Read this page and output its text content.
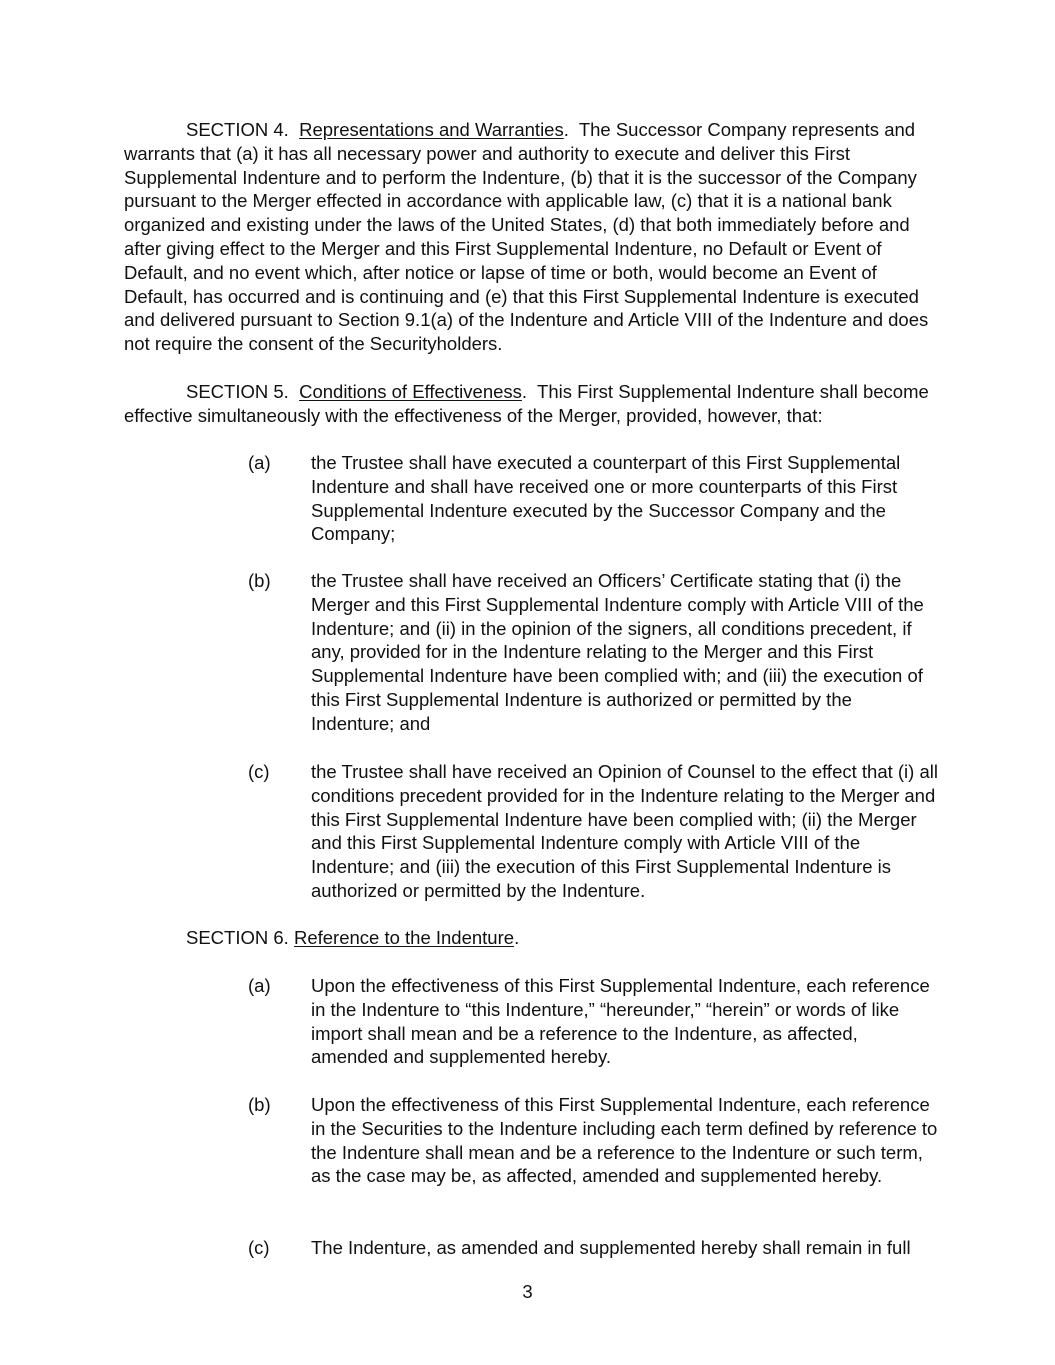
SECTION 4. Representations and Warranties.  The Successor Company represents and warrants that (a) it has all necessary power and authority to execute and deliver this First Supplemental Indenture and to perform the Indenture, (b) that it is the successor of the Company pursuant to the Merger effected in accordance with applicable law, (c) that it is a national bank organized and existing under the laws of the United States, (d) that both immediately before and after giving effect to the Merger and this First Supplemental Indenture, no Default or Event of Default, and no event which, after notice or lapse of time or both, would become an Event of Default, has occurred and is continuing and (e) that this First Supplemental Indenture is executed and delivered pursuant to Section 9.1(a) of the Indenture and Article VIII of the Indenture and does not require the consent of the Securityholders.

SECTION 5. Conditions of Effectiveness.  This First Supplemental Indenture shall become effective simultaneously with the effectiveness of the Merger, provided, however, that:

(a) the Trustee shall have executed a counterpart of this First Supplemental Indenture and shall have received one or more counterparts of this First Supplemental Indenture executed by the Successor Company and the Company;
(b) the Trustee shall have received an Officers’ Certificate stating that (i) the Merger and this First Supplemental Indenture comply with Article VIII of the Indenture; and (ii) in the opinion of the signers, all conditions precedent, if any, provided for in the Indenture relating to the Merger and this First Supplemental Indenture have been complied with; and (iii) the execution of this First Supplemental Indenture is authorized or permitted by the Indenture; and
(c) the Trustee shall have received an Opinion of Counsel to the effect that (i) all conditions precedent provided for in the Indenture relating to the Merger and this First Supplemental Indenture have been complied with; (ii) the Merger and this First Supplemental Indenture comply with Article VIII of the Indenture; and (iii) the execution of this First Supplemental Indenture is authorized or permitted by the Indenture.

SECTION 6. Reference to the Indenture.

(a) Upon the effectiveness of this First Supplemental Indenture, each reference in the Indenture to “this Indenture,” “hereunder,” “herein” or words of like import shall mean and be a reference to the Indenture, as affected, amended and supplemented hereby.
(b) Upon the effectiveness of this First Supplemental Indenture, each reference in the Securities to the Indenture including each term defined by reference to the Indenture shall mean and be a reference to the Indenture or such term, as the case may be, as affected, amended and supplemented hereby.
(c) The Indenture, as amended and supplemented hereby shall remain in full
3
